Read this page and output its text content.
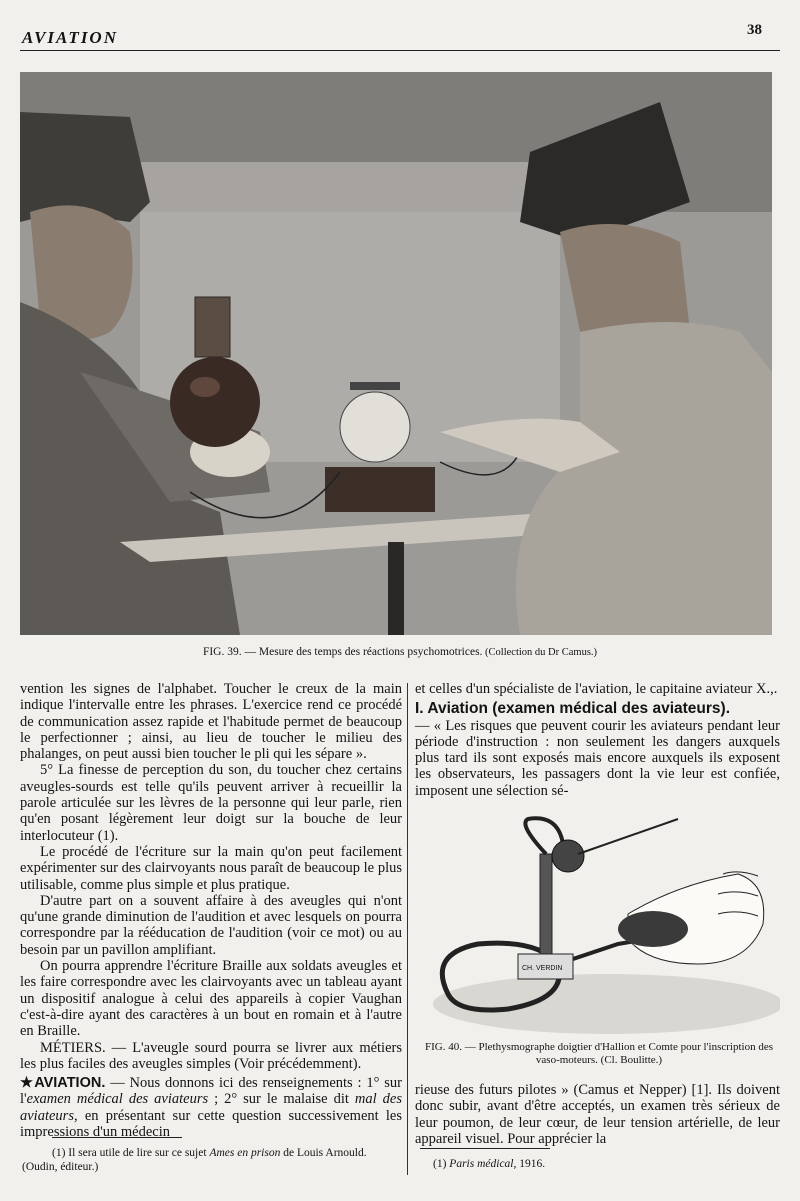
AVIATION	38
FIG. 39. — Mesure des temps des réactions psychomotrices. (Collection du Dr Camus.)

vention les signes de l'alphabet. Toucher le creux de la main indique l'intervalle entre les phrases. L'exercice rend ce procédé de communication assez rapide et l'habitude permet de beaucoup le perfectionner ; ainsi, au lieu de toucher le milieu des phalanges, on peut aussi bien toucher le pli qui les sépare ».

5° La finesse de perception du son, du toucher chez certains aveugles-sourds est telle qu'ils peuvent arriver à recueillir la parole articulée sur les lèvres de la personne qui leur parle, rien qu'en posant légèrement leur doigt sur la bouche de leur interlocuteur (1).

Le procédé de l'écriture sur la main qu'on peut facilement expérimenter sur des clairvoyants nous paraît de beaucoup le plus utilisable, comme plus simple et plus pratique.

D'autre part on a souvent affaire à des aveugles qui n'ont qu'une grande diminution de l'audition et avec lesquels on pourra correspondre par la rééducation de l'audition (voir ce mot) ou au besoin par un pavillon amplifiant.

On pourra apprendre l'écriture Braille aux soldats aveugles et les faire correspondre avec les clairvoyants avec un tableau ayant un dispositif analogue à celui des appareils à copier Vaughan c'est-à-dire ayant des caractères à un bout en romain et à l'autre en Braille.

MÉTIERS. — L'aveugle sourd pourra se livrer aux métiers les plus faciles des aveugles simples (Voir précédemment).

★AVIATION. — Nous donnons ici des renseignements : 1° sur l'examen médical des aviateurs ; 2° sur le malaise dit mal des aviateurs, en présentant sur cette question successivement les impressions d'un médecin

(1) Il sera utile de lire sur ce sujet Ames en prison de Louis Arnould. (Oudin, éditeur.)

et celles d'un spécialiste de l'aviation, le capitaine aviateur X.,.

I. Aviation (examen médical des aviateurs).

— « Les risques que peuvent courir les aviateurs pendant leur période d'instruction : non seulement les dangers auxquels plus tard ils sont exposés mais encore auxquels ils exposent les observateurs, les passagers dont la vie leur est confiée, imposent une sélection sé-

CH. VERDIN
FIG. 40. — Plethysmographe doigtier d'Hallion et Comte pour l'inscription des vaso-moteurs. (Cl. Boulitte.)

rieuse des futurs pilotes » (Camus et Nepper) [1]. Ils doivent donc subir, avant d'être acceptés, un examen très sérieux de leur poumon, de leur cœur, de leur tension artérielle, de leur appareil visuel. Pour apprécier la

(1) Paris médical, 1916.
